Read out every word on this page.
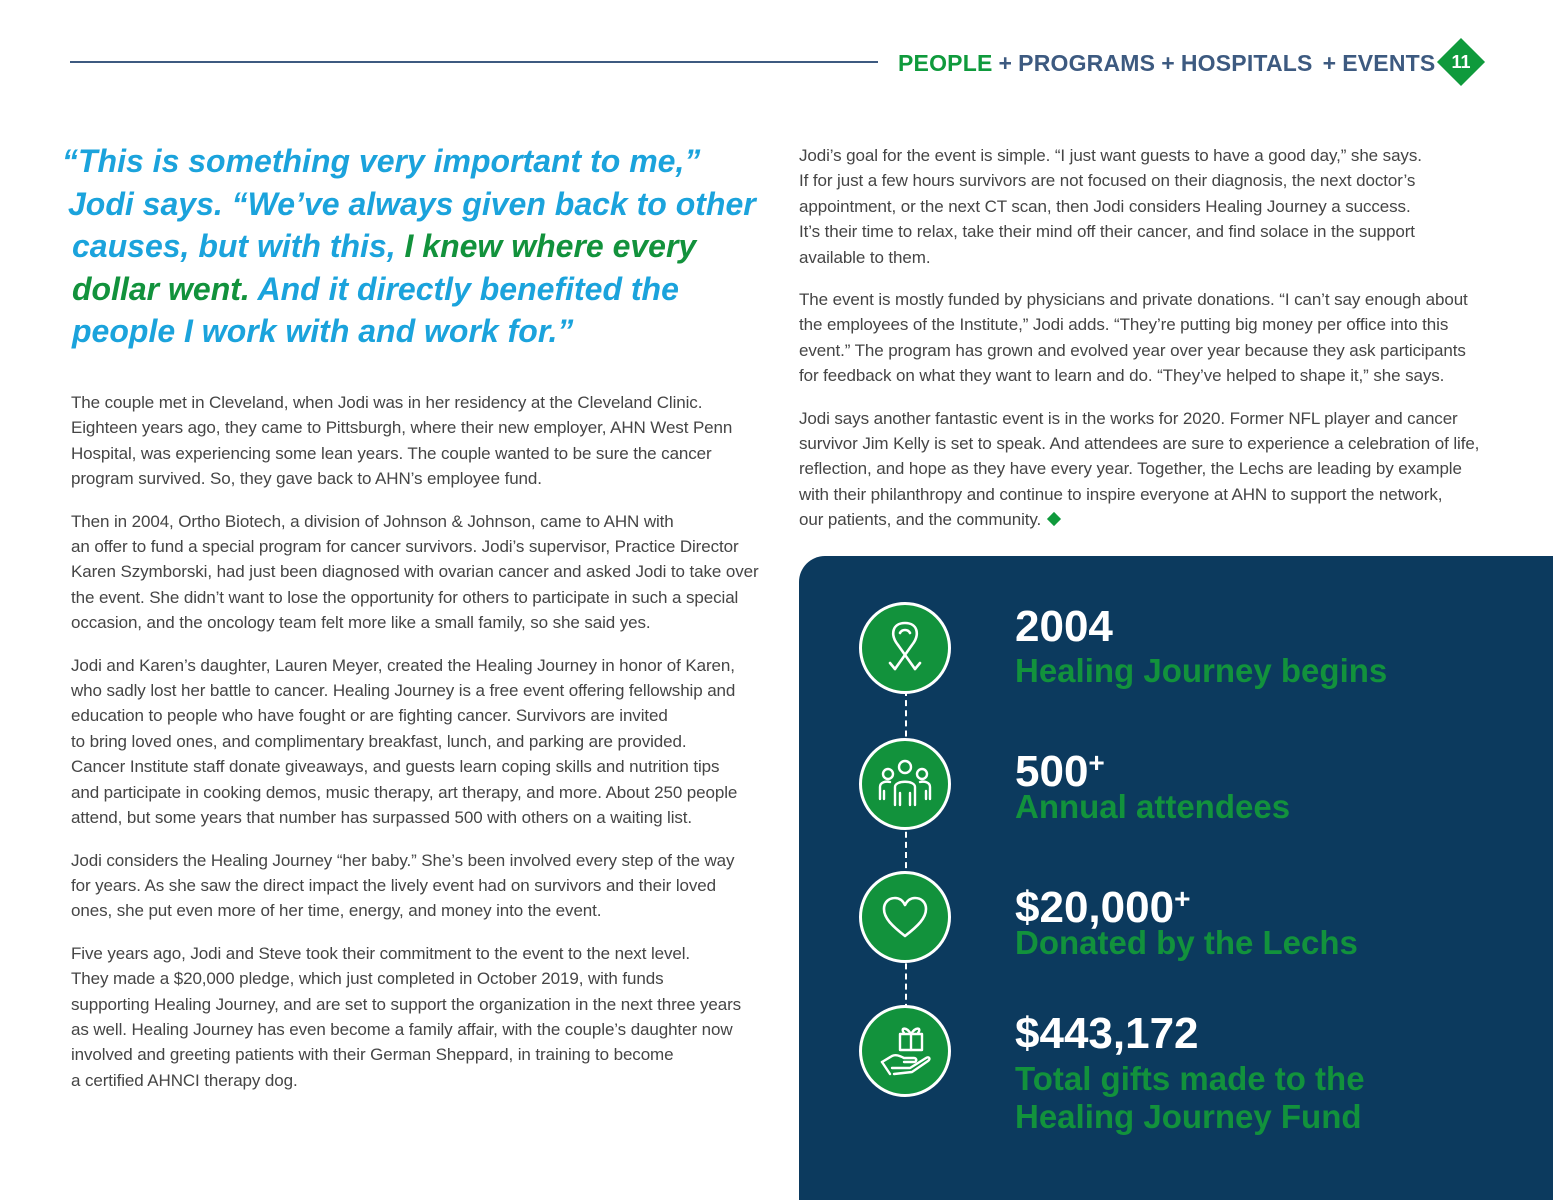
PEOPLE + PROGRAMS + HOSPITALS + EVENTS 11
“This is something very important to me,”
Jodi says. “We’ve always given back to other
causes, but with this, I knew where every
dollar went. And it directly benefited the
people I work with and work for.”
The couple met in Cleveland, when Jodi was in her residency at the Cleveland Clinic.
Eighteen years ago, they came to Pittsburgh, where their new employer, AHN West Penn
Hospital, was experiencing some lean years. The couple wanted to be sure the cancer
program survived. So, they gave back to AHN’s employee fund.
Then in 2004, Ortho Biotech, a division of Johnson & Johnson, came to AHN with
an offer to fund a special program for cancer survivors. Jodi’s supervisor, Practice Director
Karen Szymborski, had just been diagnosed with ovarian cancer and asked Jodi to take over
the event. She didn’t want to lose the opportunity for others to participate in such a special
occasion, and the oncology team felt more like a small family, so she said yes.
Jodi and Karen’s daughter, Lauren Meyer, created the Healing Journey in honor of Karen,
who sadly lost her battle to cancer. Healing Journey is a free event offering fellowship and
education to people who have fought or are fighting cancer. Survivors are invited
to bring loved ones, and complimentary breakfast, lunch, and parking are provided.
Cancer Institute staff donate giveaways, and guests learn coping skills and nutrition tips
and participate in cooking demos, music therapy, art therapy, and more. About 250 people
attend, but some years that number has surpassed 500 with others on a waiting list.
Jodi considers the Healing Journey “her baby.” She’s been involved every step of the way
for years. As she saw the direct impact the lively event had on survivors and their loved
ones, she put even more of her time, energy, and money into the event.
Five years ago, Jodi and Steve took their commitment to the event to the next level.
They made a $20,000 pledge, which just completed in October 2019, with funds
supporting Healing Journey, and are set to support the organization in the next three years
as well. Healing Journey has even become a family affair, with the couple’s daughter now
involved and greeting patients with their German Sheppard, in training to become
a certified AHNCI therapy dog.
Jodi’s goal for the event is simple. “I just want guests to have a good day,” she says.
If for just a few hours survivors are not focused on their diagnosis, the next doctor’s
appointment, or the next CT scan, then Jodi considers Healing Journey a success.
It’s their time to relax, take their mind off their cancer, and find solace in the support
available to them.
The event is mostly funded by physicians and private donations. “I can’t say enough about
the employees of the Institute,” Jodi adds. “They’re putting big money per office into this
event.” The program has grown and evolved year over year because they ask participants
for feedback on what they want to learn and do. “They’ve helped to shape it,” she says.
Jodi says another fantastic event is in the works for 2020. Former NFL player and cancer
survivor Jim Kelly is set to speak. And attendees are sure to experience a celebration of life,
reflection, and hope as they have every year. Together, the Lechs are leading by example
with their philanthropy and continue to inspire everyone at AHN to support the network,
our patients, and the community.
2004
Healing Journey begins
500+
Annual attendees
$20,000+
Donated by the Lechs
$443,172
Total gifts made to the
Healing Journey Fund
